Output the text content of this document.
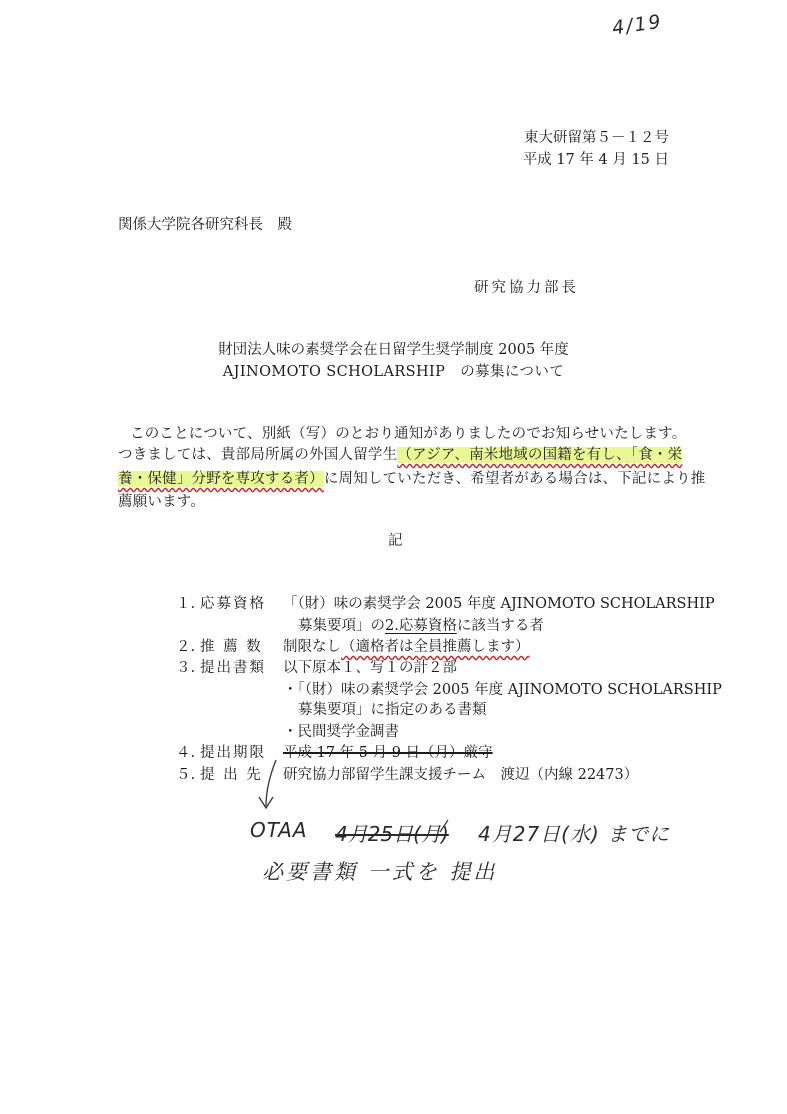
4/19
東大研留第５－１２号
平成 17 年 4 月 15 日
関係大学院各研究科長　殿
研究協力部長
財団法人味の素奨学会在日留学生奨学制度 2005 年度
AJINOMOTO SCHOLARSHIP　の募集について
このことについて、別紙（写）のとおり通知がありましたのでお知らせいたします。
つきましては、貴部局所属の外国人留学生（アジア、南米地域の国籍を有し、「食・栄
養・保健」分野を専攻する者）に周知していただき、希望者がある場合は、下記により推
薦願います。
記
１. 応募資格 「（財）味の素奨学会 2005 年度 AJINOMOTO SCHOLARSHIP
募集要項」の2.応募資格に該当する者
２. 推 薦 数 制限なし（適格者は全員推薦します）
３. 提出書類 以下原本１、写１の計２部
・「（財）味の素奨学会 2005 年度 AJINOMOTO SCHOLARSHIP
募集要項」に指定のある書類
・民間奨学金調書
４. 提出期限 平成 17 年 5 月 9 日（月）厳守
５. 提 出 先 研究協力部留学生課支援チーム　渡辺（内線 22473）
OTAA 4月25日(月) 4月27日(水) までに
必要書類 一式を 提出
